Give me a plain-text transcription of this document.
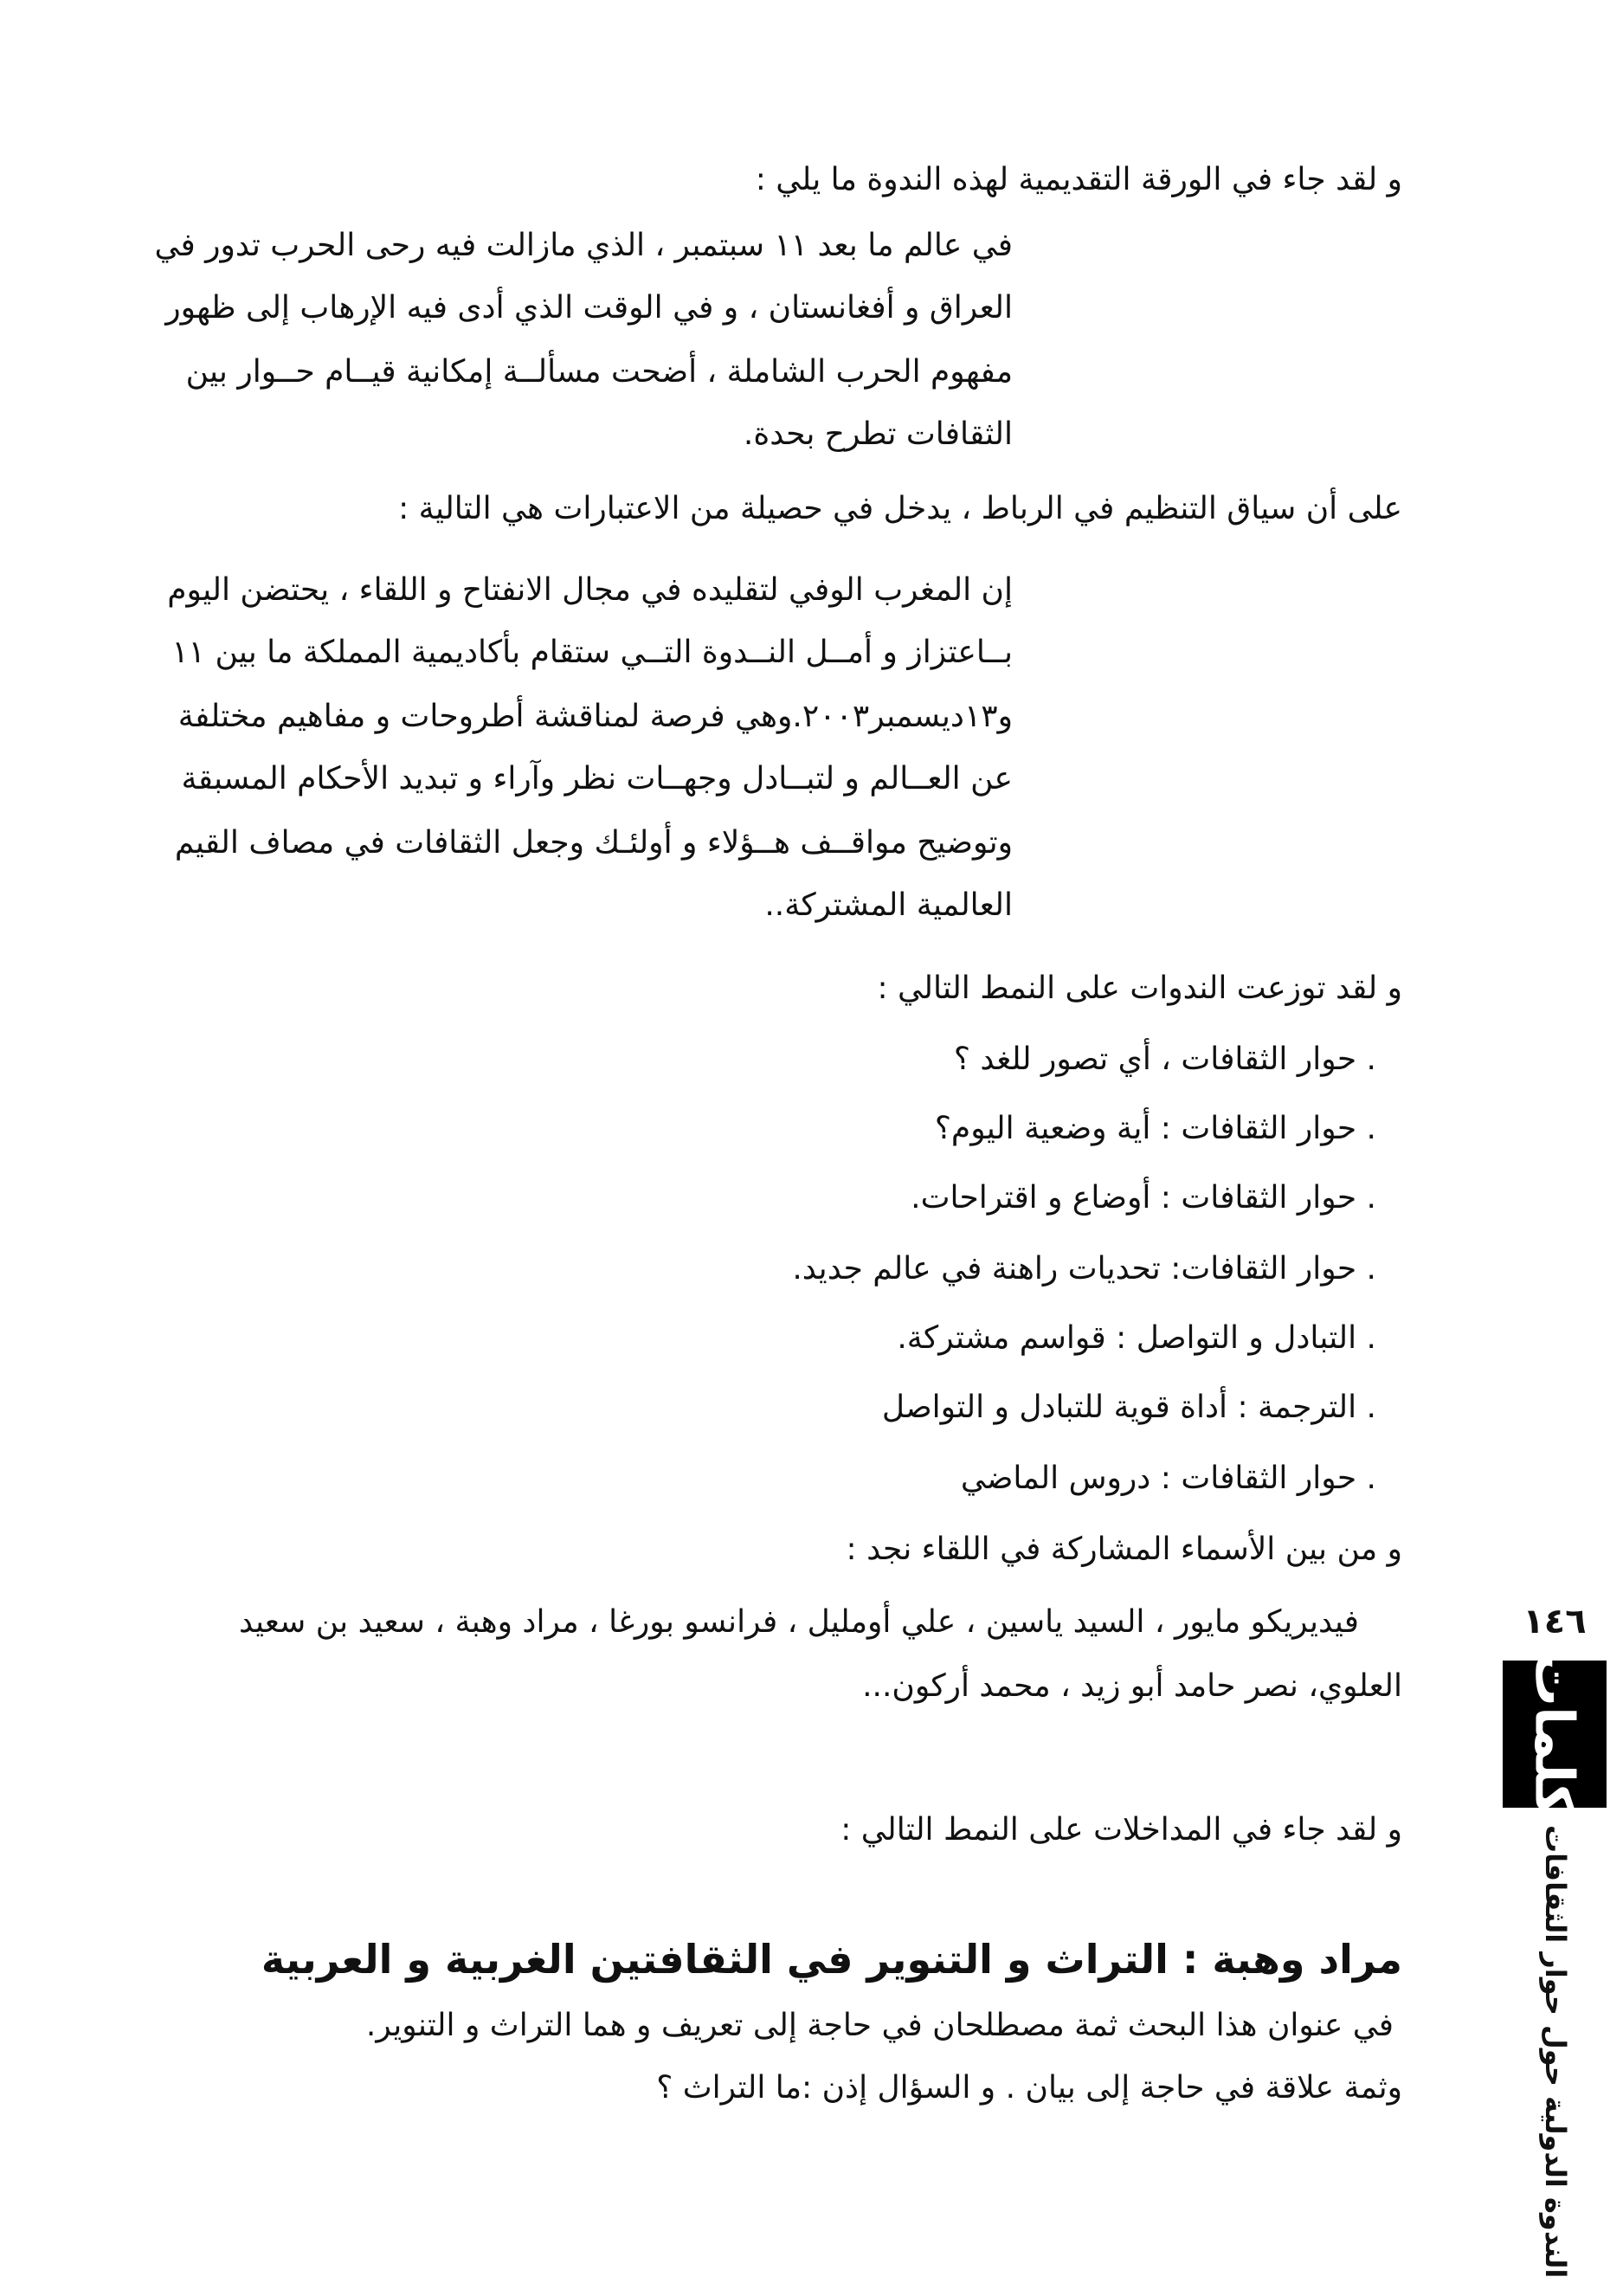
و لقد جاء في الورقة التقديمية لهذه الندوة ما يلي :

في عالم ما بعد ١١ سبتمبر ، الذي مازالت فيه رحى الحرب تدور في

العراق و أفغانستان ، و في الوقت الذي أدى فيه الإرهاب إلى ظهور

مفهوم الحرب الشاملة ، أضحت مسألــة إمكانية قيــام حــوار بين

الثقافات تطرح بحدة.

على أن سياق التنظيم في الرباط ، يدخل في حصيلة من الاعتبارات هي التالية :

إن المغرب الوفي لتقليده في مجال الانفتاح و اللقاء ، يحتضن اليوم

بــاعتزاز و أمــل النــدوة التــي ستقام بأكاديمية المملكة ما بين ١١

و١٣ديسمبر٢٠٠٣.وهي فرصة لمناقشة أطروحات و مفاهيم مختلفة

عن العــالم و لتبــادل وجهــات نظر وآراء و تبديد الأحكام المسبقة

وتوضيح مواقــف هــؤلاء و أولئـك وجعل الثقافات في مصاف القيم

العالمية المشتركة..

و لقد توزعت الندوات على النمط التالي :

. حوار الثقافات ، أي تصور للغد ؟

. حوار الثقافات : أية وضعية اليوم؟

. حوار الثقافات : أوضاع و اقتراحات.

. حوار الثقافات: تحديات راهنة في عالم جديد.

. التبادل و التواصل : قواسم مشتركة.

. الترجمة : أداة قوية للتبادل و التواصل

. حوار الثقافات : دروس الماضي

و من بين الأسماء المشاركة في اللقاء نجد :

فيديريكو مايور ، السيد ياسين ، علي أومليل ، فرانسو بورغا ، مراد وهبة ، سعيد بن سعيد

العلوي، نصر حامد أبو زيد ، محمد أركون...

و لقد جاء في المداخلات على النمط التالي :

مراد وهبة : التراث و التنوير في الثقافتين الغربية و العربية

في عنوان هذا البحث ثمة مصطلحان في حاجة إلى تعريف و هما التراث و التنوير.

وثمة علاقة في حاجة إلى بيان . و السؤال إذن :ما التراث ؟

١٤٦
كلمات
الندوة الدولية حول حوار الثقافات
